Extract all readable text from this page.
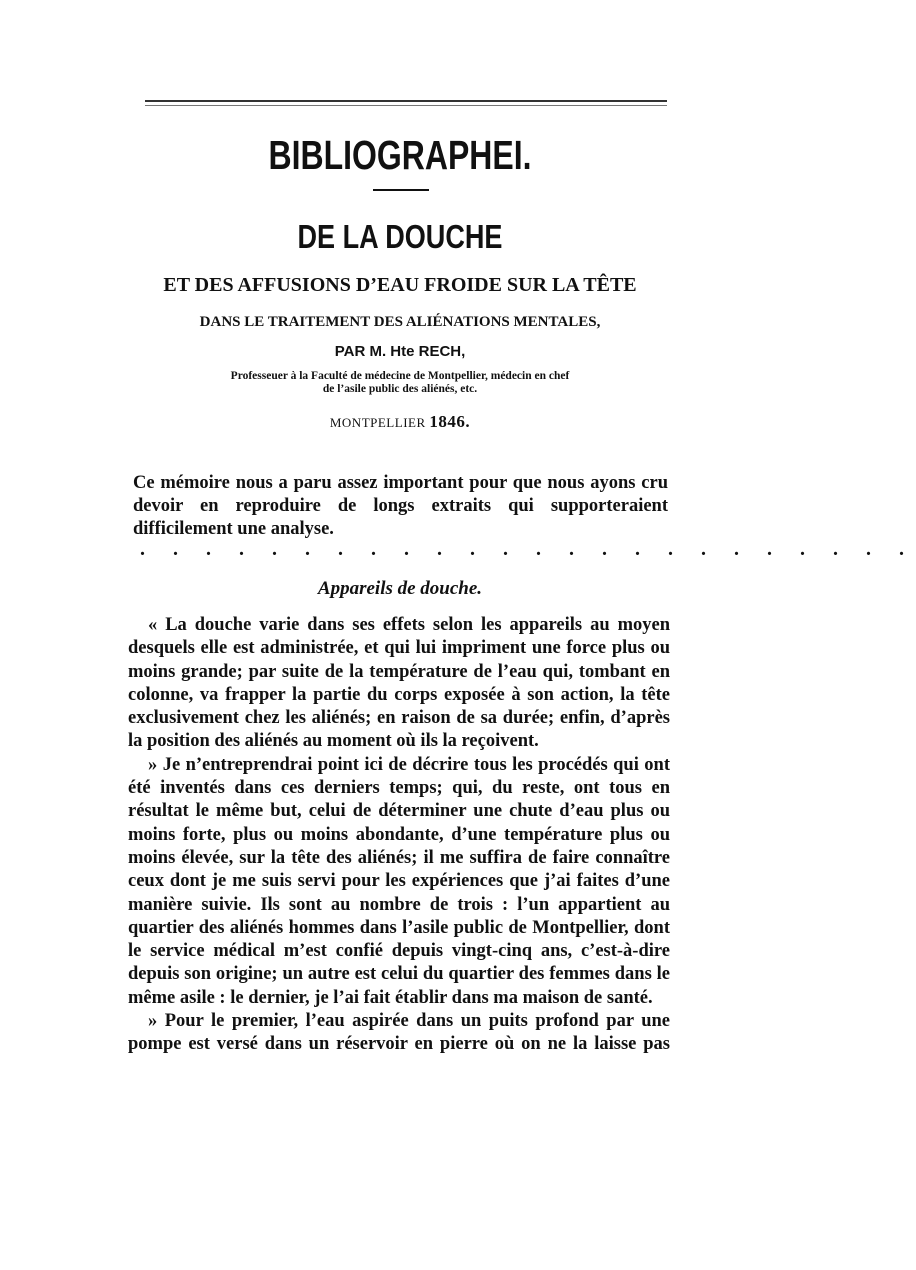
BIBLIOGRAPHEI.
DE LA DOUCHE
ET DES AFFUSIONS D’EAU FROIDE SUR LA TÊTE
DANS LE TRAITEMENT DES ALIÉNATIONS MENTALES,
PAR M. Hte RECH,
Professeuer à la Faculté de médecine de Montpellier, médecin en chef
de l’asile public des aliénés, etc.
MONTPELLIER 1846.
Ce mémoire nous a paru assez important pour que nous ayons cru devoir en reproduire de longs extraits qui supporteraient difficilement une analyse.
. . . . . . . . . . . . . . . . . . . . . . . .
Appareils de douche.

« La douche varie dans ses effets selon les appareils au moyen desquels elle est administrée, et qui lui impriment une force plus ou moins grande; par suite de la température de l’eau qui, tombant en colonne, va frapper la partie du corps exposée à son action, la tête exclusivement chez les aliénés; en raison de sa durée; enfin, d’après la position des aliénés au moment où ils la reçoivent.

» Je n’entreprendrai point ici de décrire tous les procédés qui ont été inventés dans ces derniers temps; qui, du reste, ont tous en résultat le même but, celui de déterminer une chute d’eau plus ou moins forte, plus ou moins abondante, d’une température plus ou moins élevée, sur la tête des aliénés; il me suffira de faire connaître ceux dont je me suis servi pour les expériences que j’ai faites d’une manière suivie. Ils sont au nombre de trois : l’un appartient au quartier des aliénés hommes dans l’asile public de Montpellier, dont le service médical m’est confié depuis vingt-cinq ans, c’est-à-dire depuis son origine; un autre est celui du quartier des femmes dans le même asile : le dernier, je l’ai fait établir dans ma maison de santé.

» Pour le premier, l’eau aspirée dans un puits profond par une pompe est versé dans un réservoir en pierre où on ne la laisse pas
